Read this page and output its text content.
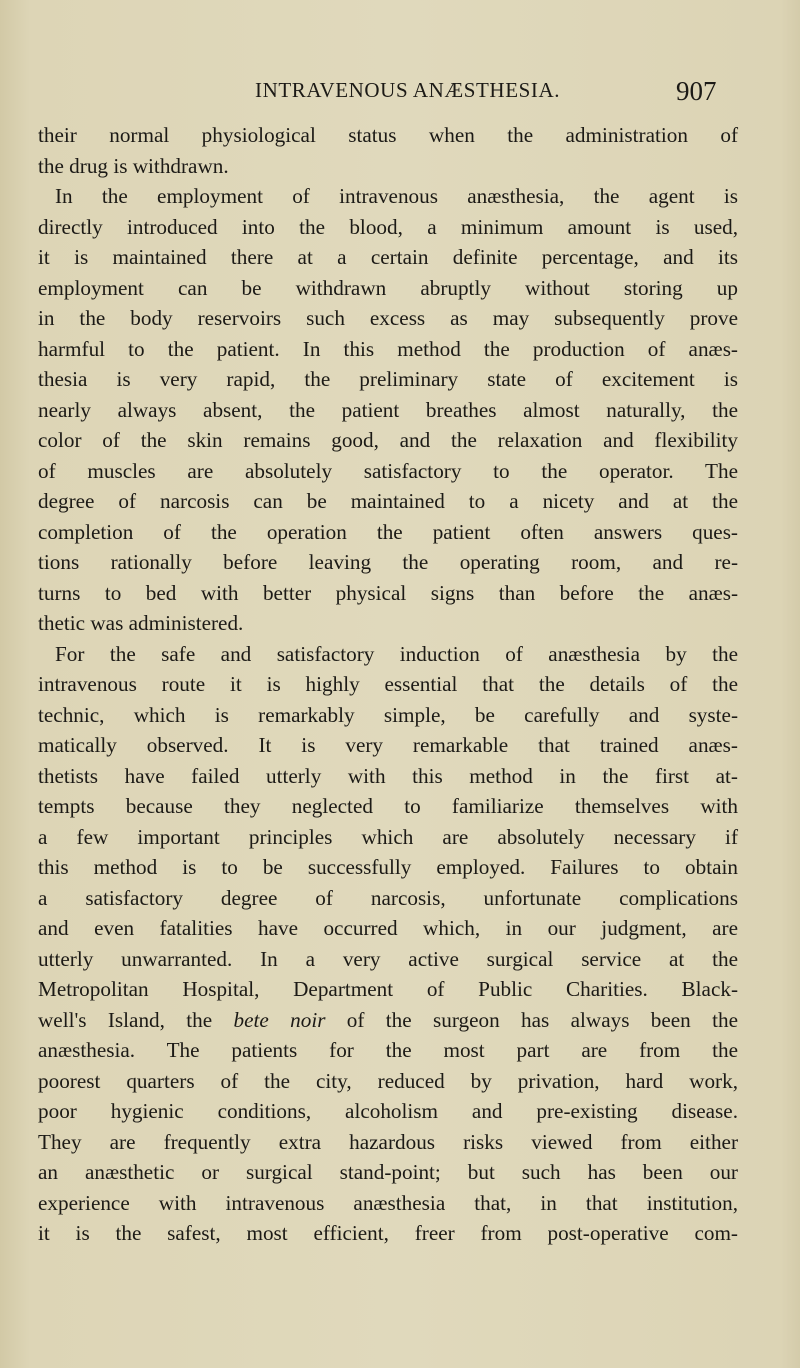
INTRAVENOUS ANÆSTHESIA.	907
their normal physiological status when the administration of
the drug is withdrawn.
In the employment of intravenous anæsthesia, the agent is
directly introduced into the blood, a minimum amount is used,
it is maintained there at a certain definite percentage, and its
employment can be withdrawn abruptly without storing up
in the body reservoirs such excess as may subsequently prove
harmful to the patient. In this method the production of anæs-
thesia is very rapid, the preliminary state of excitement is
nearly always absent, the patient breathes almost naturally, the
color of the skin remains good, and the relaxation and flexibility
of muscles are absolutely satisfactory to the operator. The
degree of narcosis can be maintained to a nicety and at the
completion of the operation the patient often answers ques-
tions rationally before leaving the operating room, and re-
turns to bed with better physical signs than before the anæs-
thetic was administered.
For the safe and satisfactory induction of anæsthesia by the
intravenous route it is highly essential that the details of the
technic, which is remarkably simple, be carefully and syste-
matically observed. It is very remarkable that trained anæs-
thetists have failed utterly with this method in the first at-
tempts because they neglected to familiarize themselves with
a few important principles which are absolutely necessary if
this method is to be successfully employed. Failures to obtain
a satisfactory degree of narcosis, unfortunate complications
and even fatalities have occurred which, in our judgment, are
utterly unwarranted. In a very active surgical service at the
Metropolitan Hospital, Department of Public Charities. Black-
well's Island, the bete noir of the surgeon has always been the
anæsthesia. The patients for the most part are from the
poorest quarters of the city, reduced by privation, hard work,
poor hygienic conditions, alcoholism and pre-existing disease.
They are frequently extra hazardous risks viewed from either
an anæsthetic or surgical stand-point; but such has been our
experience with intravenous anæsthesia that, in that institution,
it is the safest, most efficient, freer from post-operative com-
